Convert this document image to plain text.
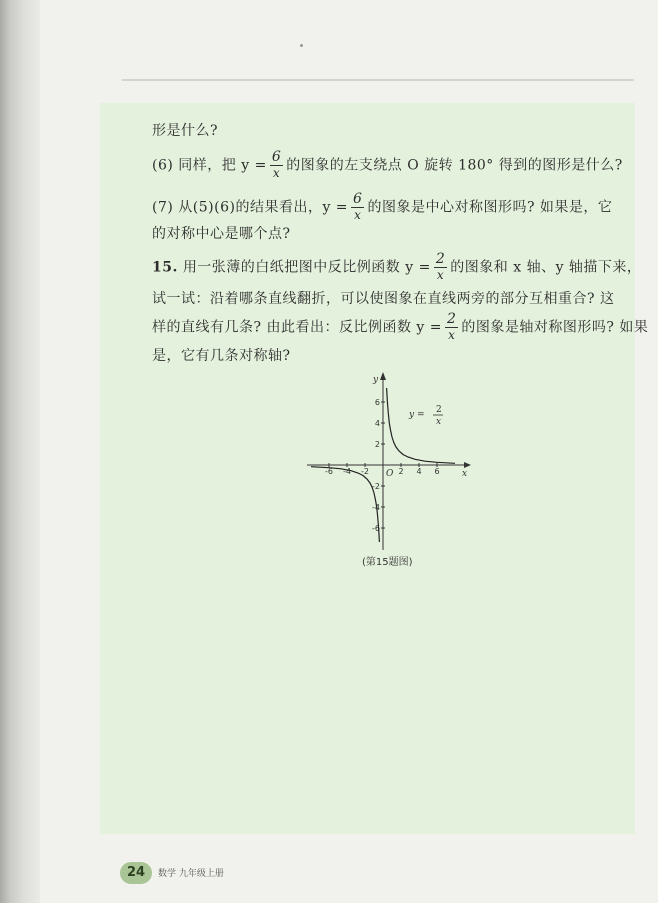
形是什么?

(6) 同样，把 $y = \frac{6}{x}$ 的图象的左支绕点 O 旋转 180° 得到的图形是什么?

(7) 从(5)(6)的结果看出，$y = \frac{6}{x}$ 的图象是中心对称图形吗? 如果是，它

的对称中心是哪个点?

15. 用一张薄的白纸把图中反比例函数 $y = \frac{2}{x}$ 的图象和 x 轴、y 轴描下来，

试一试：沿着哪条直线翻折，可以使图象在直线两旁的部分互相重合? 这

样的直线有几条? 由此看出：反比例函数 $y = \frac{2}{x}$ 的图象是轴对称图形吗? 如果

是，它有几条对称轴?

x
y
O
-6 -4 -2	2 4 6
6
4
2
-2
-4
-6
y = 2
x
(第15题图)
24	数学 九年级上册
